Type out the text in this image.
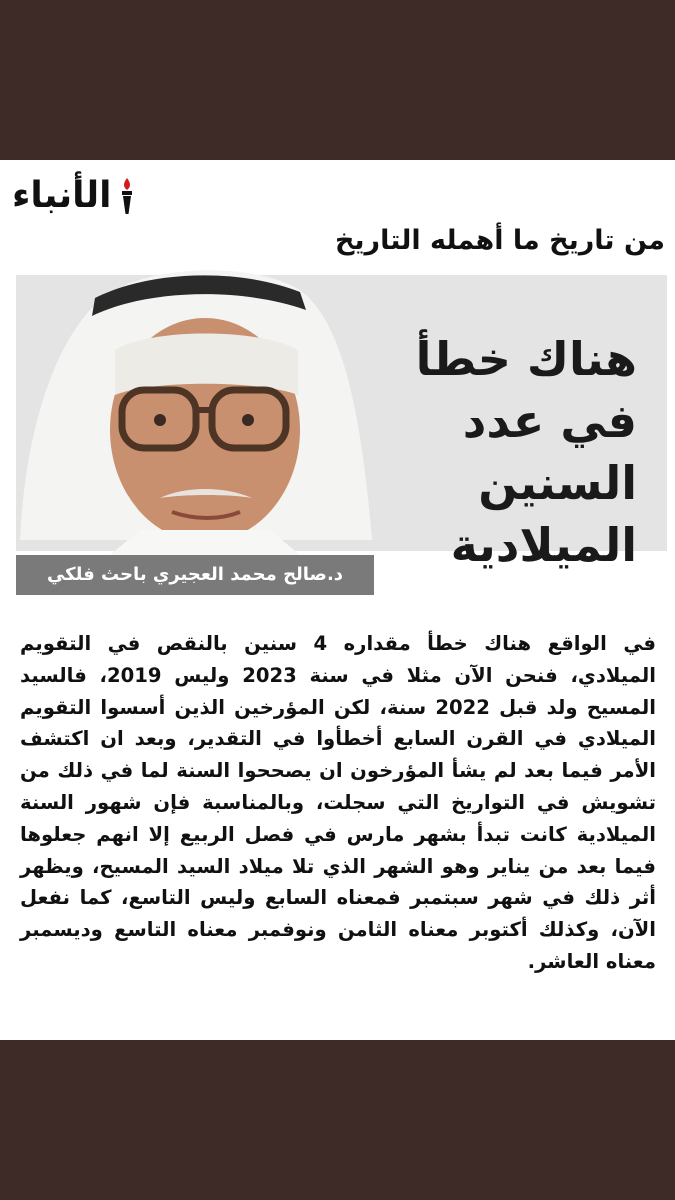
الأنباء
من تاريخ ما أهمله التاريخ
هناك خطأ
في عدد السنين
الميلادية
د.صالح محمد العجيري باحث فلكي
في الواقع هناك خطأ مقداره 4 سنين بالنقص في التقويم الميلادي، فنحن الآن مثلا في سنة 2023 وليس 2019، فالسيد المسيح ولد قبل 2022 سنة، لكن المؤرخين الذين أسسوا التقويم الميلادي في القرن السابع أخطأوا في التقدير، وبعد ان اكتشف الأمر فيما بعد لم يشأ المؤرخون ان يصححوا السنة لما في ذلك من تشويش في التواريخ التي سجلت، وبالمناسبة فإن شهور السنة الميلادية كانت تبدأ بشهر مارس في فصل الربيع إلا انهم جعلوها فيما بعد من يناير وهو الشهر الذي تلا ميلاد السيد المسيح، ويظهر أثر ذلك في شهر سبتمبر فمعناه السابع وليس التاسع، كما نفعل الآن، وكذلك أكتوبر معناه الثامن ونوفمبر معناه التاسع وديسمبر معناه العاشر.
